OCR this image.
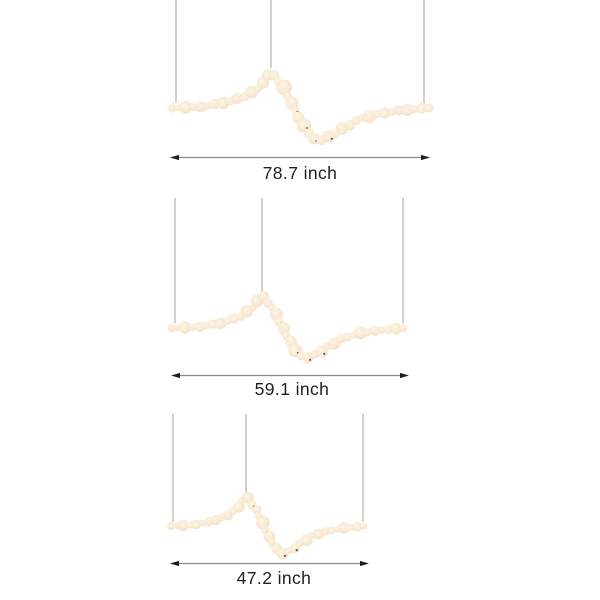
78.7 inch
59.1 inch
47.2 inch
